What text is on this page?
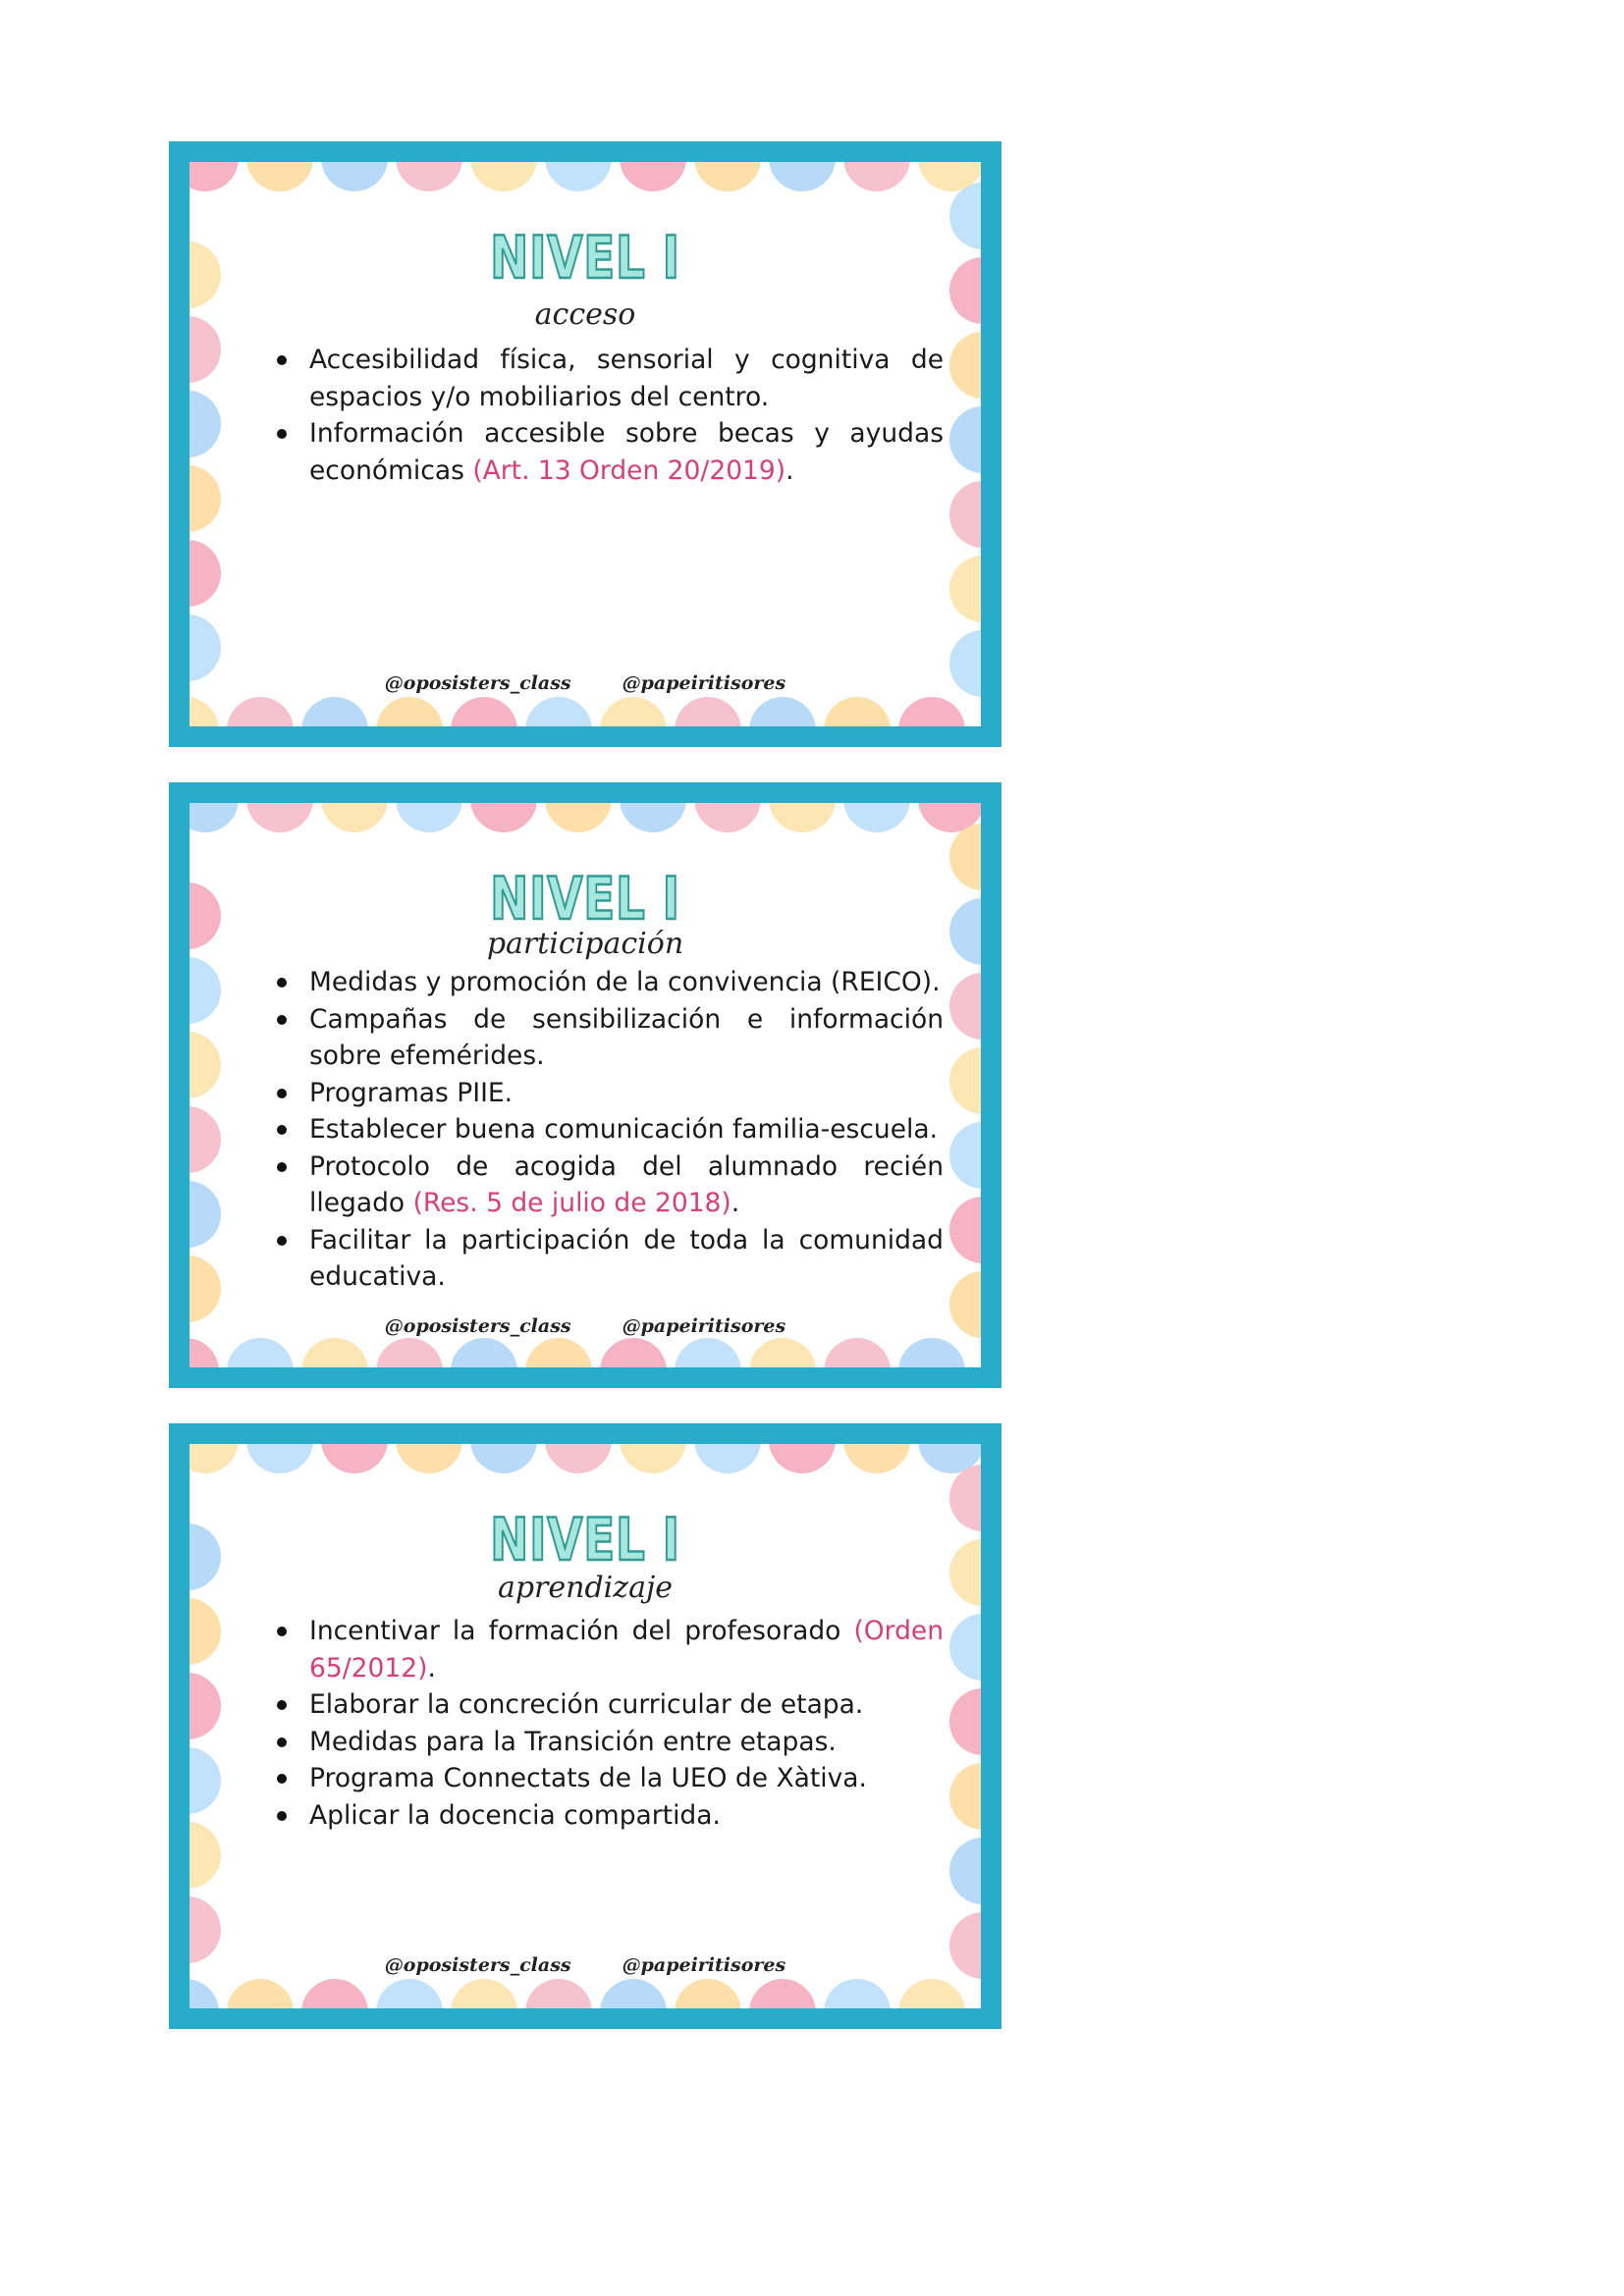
NIVEL I
acceso
Accesibilidad física, sensorial y cognitiva de espacios y/o mobiliarios del centro.
Información accesible sobre becas y ayudas económicas (Art. 13 Orden 20/2019).
@oposisters_class	@papeiritisores
NIVEL I
participación
Medidas y promoción de la convivencia (REICO).
Campañas de sensibilización e información sobre efemérides.
Programas PIIE.
Establecer buena comunicación familia-escuela.
Protocolo de acogida del alumnado recién llegado (Res. 5 de julio de 2018).
Facilitar la participación de toda la comunidad educativa.
@oposisters_class	@papeiritisores
NIVEL I
aprendizaje
Incentivar la formación del profesorado (Orden 65/2012).
Elaborar la concreción curricular de etapa.
Medidas para la Transición entre etapas.
Programa Connectats de la UEO de Xàtiva.
Aplicar la docencia compartida.
@oposisters_class	@papeiritisores
